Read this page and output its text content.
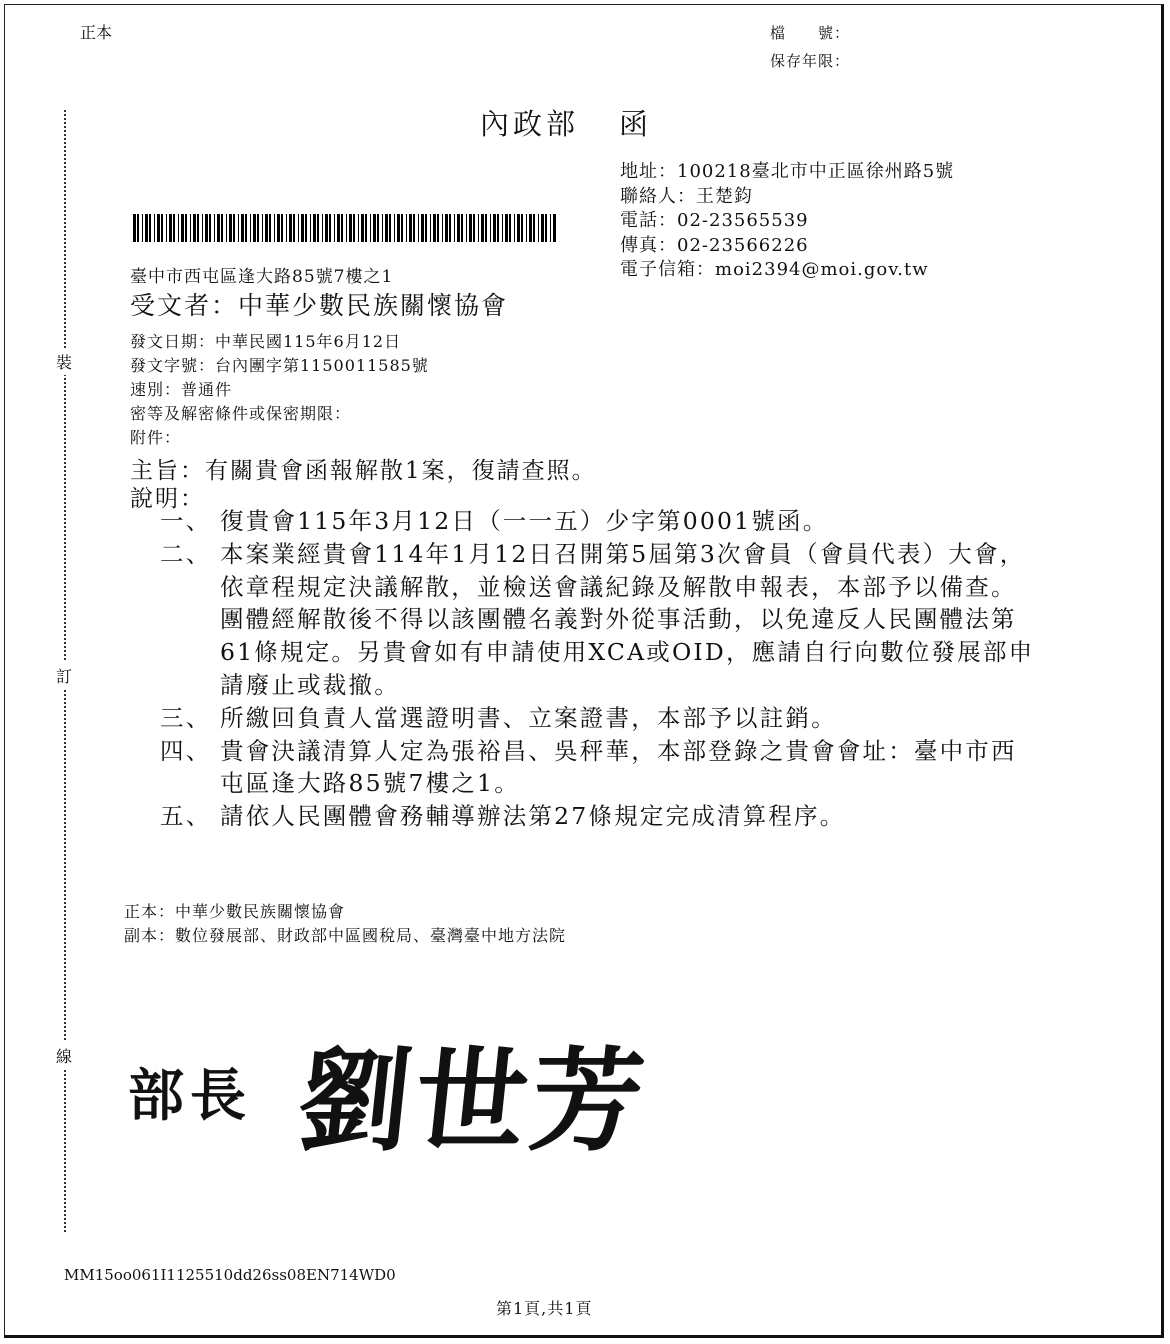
正本	檔　　號：
保存年限：
內政部 函
地址：100218臺北市中正區徐州路5號
聯絡人：王楚鈞
電話：02-23565539
傳真：02-23566226
電子信箱：moi2394@moi.gov.tw
臺中市西屯區逢大路85號7樓之1
受文者：中華少數民族關懷協會
發文日期：中華民國115年6月12日
發文字號：台內團字第1150011585號
速別：普通件
密等及解密條件或保密期限：
附件：
主旨：有關貴會函報解散1案，復請查照。
說明：
一、 復貴會115年3月12日（一一五）少字第0001號函。
二、 本案業經貴會114年1月12日召開第5屆第3次會員（會員代表）大會，依章程規定決議解散，並檢送會議紀錄及解散申報表，本部予以備查。團體經解散後不得以該團體名義對外從事活動，以免違反人民團體法第61條規定。另貴會如有申請使用XCA或OID，應請自行向數位發展部申請廢止或裁撤。
三、 所繳回負責人當選證明書、立案證書，本部予以註銷。
四、 貴會決議清算人定為張裕昌、吳秤華，本部登錄之貴會會址：臺中市西屯區逢大路85號7樓之1。
五、 請依人民團體會務輔導辦法第27條規定完成清算程序。
正本：中華少數民族關懷協會
副本：數位發展部、財政部中區國稅局、臺灣臺中地方法院
部長 劉世芳
裝
訂
線
MM15oo061I1125510dd26ss08EN714WD0
第1頁,共1頁
